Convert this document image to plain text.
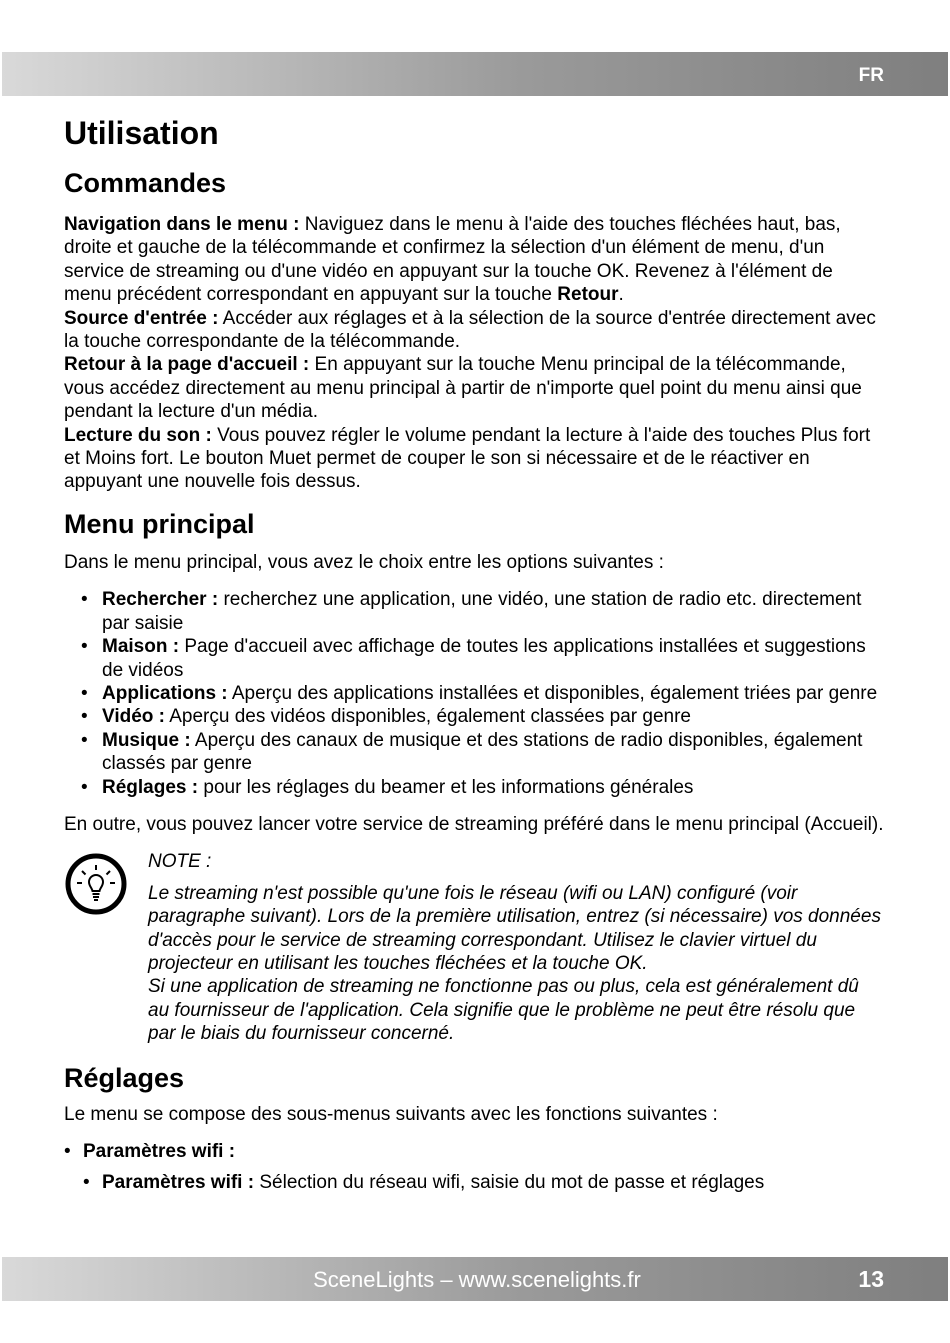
FR
Utilisation
Commandes

Navigation dans le menu : Naviguez dans le menu à l'aide des touches fléchées haut, bas, droite et gauche de la télécommande et confirmez la sélection d'un élément de menu, d'un service de streaming ou d'une vidéo en appuyant sur la touche OK. Revenez à l'élément de menu précédent correspondant en appuyant sur la touche Retour.

Source d'entrée : Accéder aux réglages et à la sélection de la source d'entrée directement avec la touche correspondante de la télécommande.

Retour à la page d'accueil : En appuyant sur la touche Menu principal de la télécommande, vous accédez directement au menu principal à partir de n'importe quel point du menu ainsi que pendant la lecture d'un média.

Lecture du son : Vous pouvez régler le volume pendant la lecture à l'aide des touches Plus fort et Moins fort. Le bouton Muet permet de couper le son si nécessaire et de le réactiver en appuyant une nouvelle fois dessus.

Menu principal

Dans le menu principal, vous avez le choix entre les options suivantes :

• Rechercher : recherchez une application, une vidéo, une station de radio etc. directement par saisie
• Maison : Page d'accueil avec affichage de toutes les applications installées et suggestions de vidéos
• Applications : Aperçu des applications installées et disponibles, également triées par genre
• Vidéo : Aperçu des vidéos disponibles, également classées par genre
• Musique : Aperçu des canaux de musique et des stations de radio disponibles, également classés par genre
• Réglages : pour les réglages du beamer et les informations générales

En outre, vous pouvez lancer votre service de streaming préféré dans le menu principal (Accueil).

NOTE :

Le streaming n'est possible qu'une fois le réseau (wifi ou LAN) configuré (voir paragraphe suivant). Lors de la première utilisation, entrez (si nécessaire) vos données d'accès pour le service de streaming correspondant. Utilisez le clavier virtuel du projecteur en utilisant les touches fléchées et la touche OK.

Si une application de streaming ne fonctionne pas ou plus, cela est généralement dû au fournisseur de l'application. Cela signifie que le problème ne peut être résolu que par le biais du fournisseur concerné.

Réglages

Le menu se compose des sous-menus suivants avec les fonctions suivantes :

• Paramètres wifi :
• Paramètres wifi : Sélection du réseau wifi, saisie du mot de passe et réglages
SceneLights – www.scenelights.fr	13
